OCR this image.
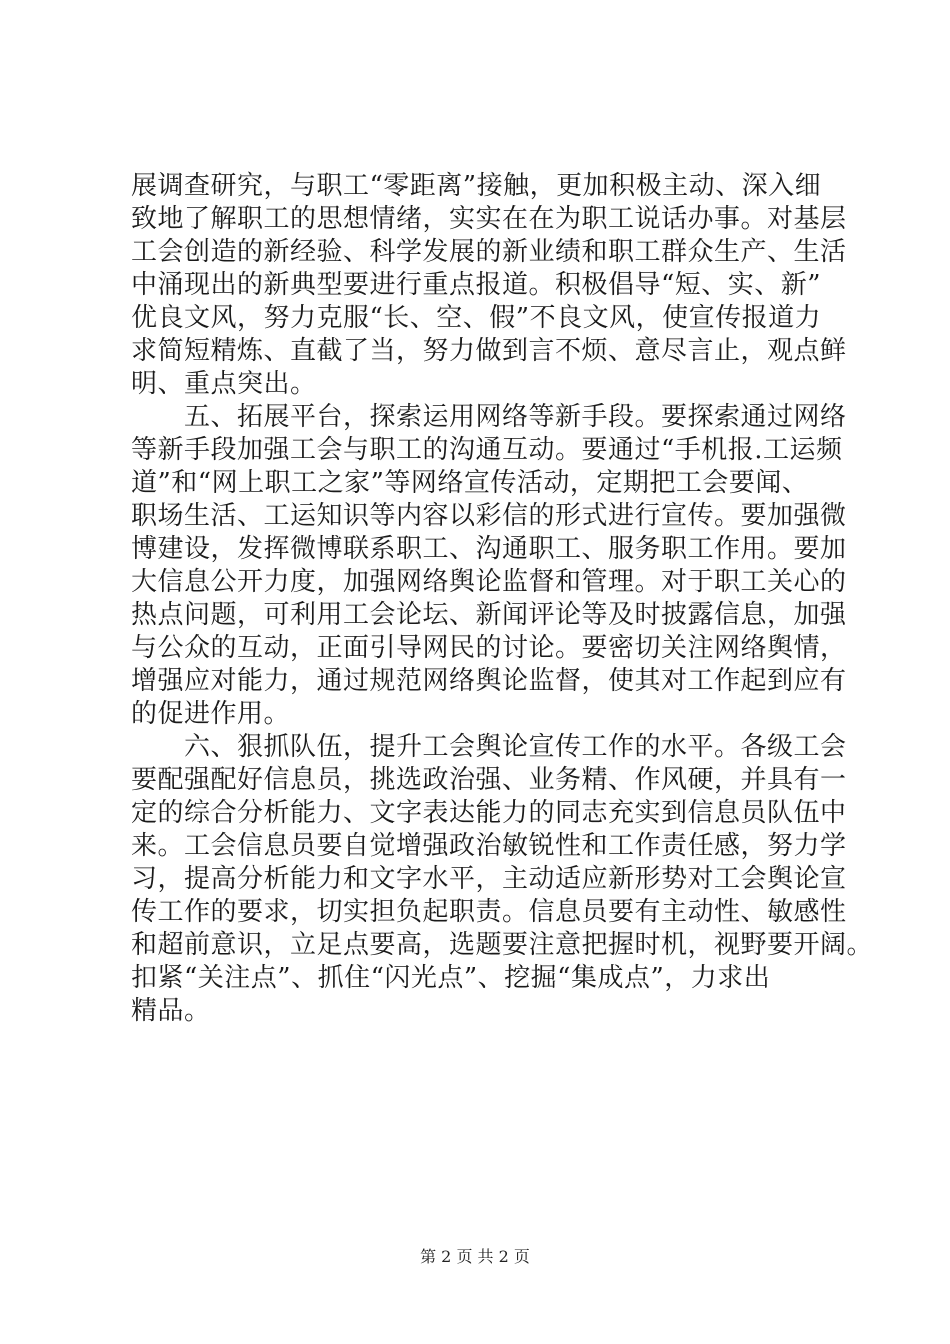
展调查研究，与职工“零距离”接触，更加积极主动、深入细
致地了解职工的思想情绪，实实在在为职工说话办事。对基层
工会创造的新经验、科学发展的新业绩和职工群众生产、生活
中涌现出的新典型要进行重点报道。积极倡导“短、实、新”
优良文风，努力克服“长、空、假”不良文风，使宣传报道力
求简短精炼、直截了当，努力做到言不烦、意尽言止，观点鲜
明、重点突出。
　　五、拓展平台，探索运用网络等新手段。要探索通过网络
等新手段加强工会与职工的沟通互动。要通过“手机报.工运频
道”和“网上职工之家”等网络宣传活动，定期把工会要闻、
职场生活、工运知识等内容以彩信的形式进行宣传。要加强微
博建设，发挥微博联系职工、沟通职工、服务职工作用。要加
大信息公开力度，加强网络舆论监督和管理。对于职工关心的
热点问题，可利用工会论坛、新闻评论等及时披露信息，加强
与公众的互动，正面引导网民的讨论。要密切关注网络舆情，
增强应对能力，通过规范网络舆论监督，使其对工作起到应有
的促进作用。
　　六、狠抓队伍，提升工会舆论宣传工作的水平。各级工会
要配强配好信息员，挑选政治强、业务精、作风硬，并具有一
定的综合分析能力、文字表达能力的同志充实到信息员队伍中
来。工会信息员要自觉增强政治敏锐性和工作责任感，努力学
习，提高分析能力和文字水平，主动适应新形势对工会舆论宣
传工作的要求，切实担负起职责。信息员要有主动性、敏感性
和超前意识，立足点要高，选题要注意把握时机，视野要开阔。
扣紧“关注点”、抓住“闪光点”、挖掘“集成点”，力求出
精品。
第 2 页 共 2 页
